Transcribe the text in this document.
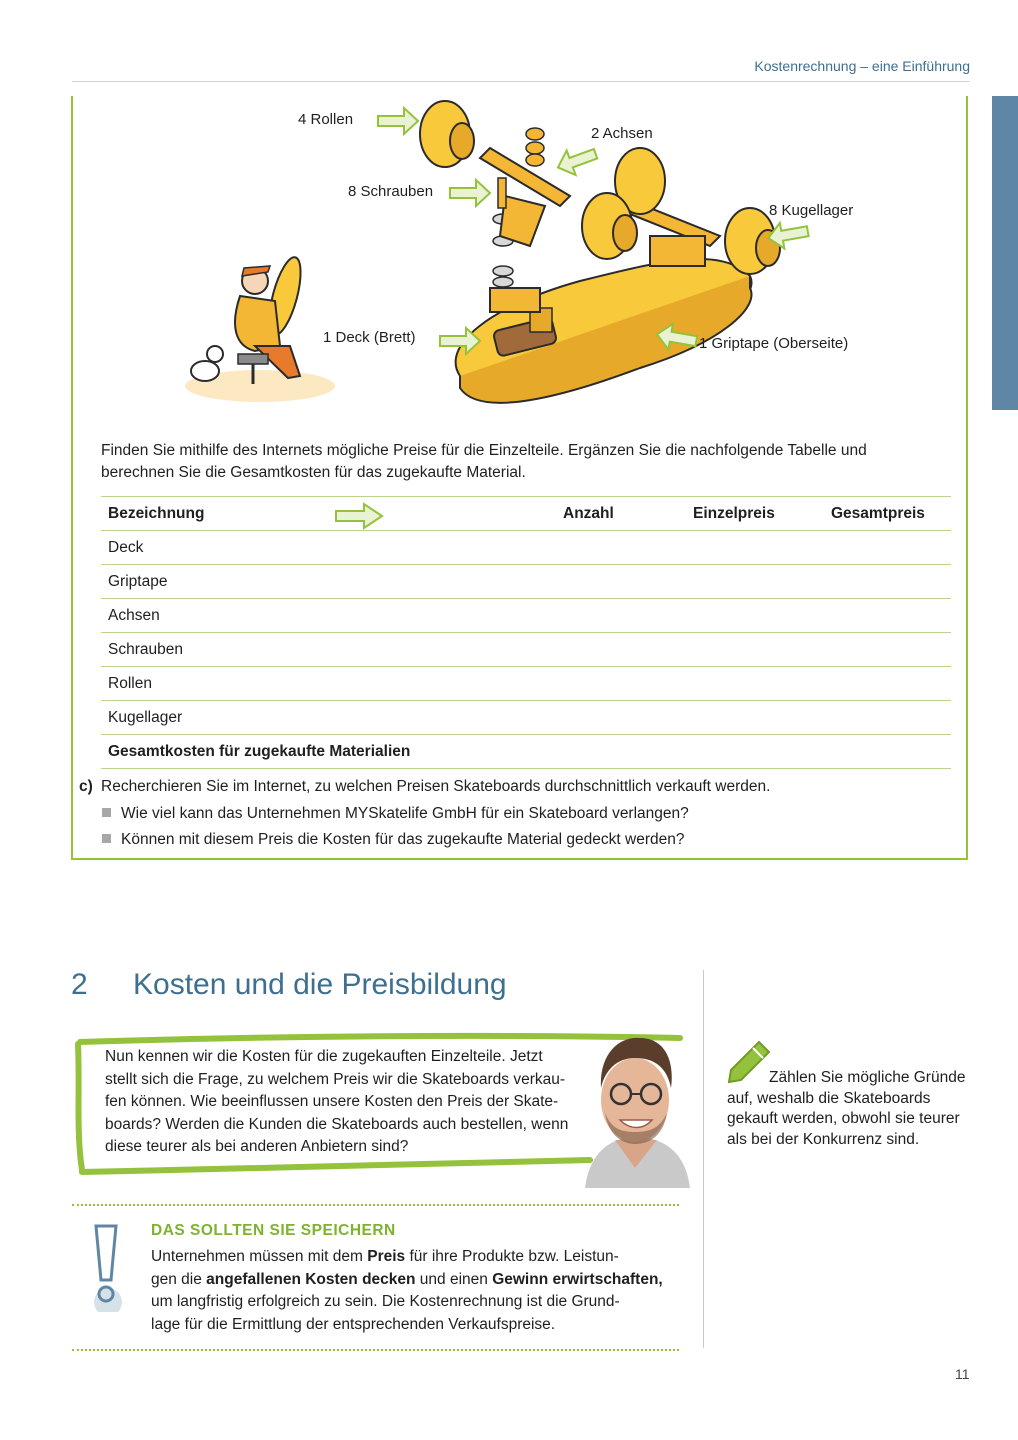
Kostenrechnung – eine Einführung
4 Rollen
2 Achsen
8 Schrauben
8 Kugellager
1 Deck (Brett)	1 Griptape (Oberseite)
Finden Sie mithilfe des Internets mögliche Preise für die Einzelteile. Ergänzen Sie die nachfolgende Tabelle und berechnen Sie die Gesamtkosten für das zugekaufte Material.
Bezeichnung	Anzahl	Einzelpreis	Gesamtpreis
Deck			
Griptape			
Achsen			
Schrauben			
Rollen			
Kugellager			
Gesamtkosten für zugekaufte Materialien			
c) Recherchieren Sie im Internet, zu welchen Preisen Skateboards durchschnittlich verkauft werden.
Wie viel kann das Unternehmen MYSkatelife GmbH für ein Skateboard verlangen?
Können mit diesem Preis die Kosten für das zugekaufte Material gedeckt werden?
2 Kosten und die Preisbildung
Nun kennen wir die Kosten für die zugekauften Einzelteile. Jetzt
stellt sich die Frage, zu welchem Preis wir die Skateboards verkau-
fen können. Wie beeinflussen unsere Kosten den Preis der Skate-
boards? Werden die Kunden die Skateboards auch bestellen, wenn
diese teurer als bei anderen Anbietern sind?
DAS SOLLTEN SIE SPEICHERN
Unternehmen müssen mit dem Preis für ihre Produkte bzw. Leistun-
gen die angefallenen Kosten decken und einen Gewinn erwirtschaften,
um langfristig erfolgreich zu sein. Die Kostenrechnung ist die Grund-
lage für die Ermittlung der entsprechenden Verkaufspreise.
Zählen Sie mögliche Gründe
auf, weshalb die Skateboards
gekauft werden, obwohl sie teurer
als bei der Konkurrenz sind.
11
